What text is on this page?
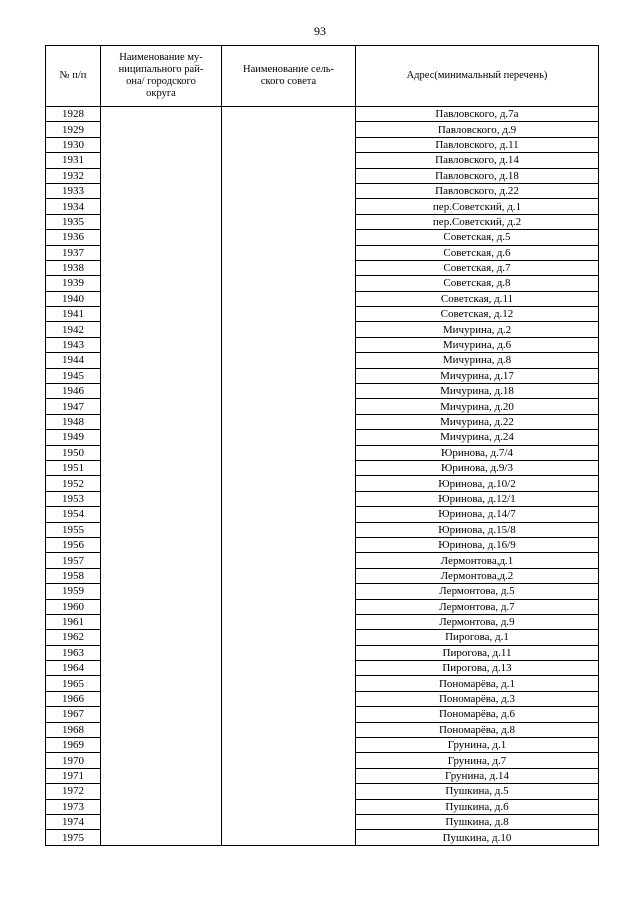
93
№ п/п	Наименование му-
ниципального рай-
она/ городского
округа	Наименование сель-
ского совета	Адрес(минимальный перечень)
1928			Павловского, д.7а
1929			Павловского, д.9
1930			Павловского, д.11
1931			Павловского, д.14
1932			Павловского, д.18
1933			Павловского, д.22
1934			пер.Советский, д.1
1935			пер.Советский, д.2
1936			Советская, д.5
1937			Советская, д.6
1938			Советская, д.7
1939			Советская, д.8
1940			Советская, д.11
1941			Советская, д.12
1942			Мичурина, д.2
1943			Мичурина, д.6
1944			Мичурина, д.8
1945			Мичурина, д.17
1946			Мичурина, д.18
1947			Мичурина, д.20
1948			Мичурина, д.22
1949			Мичурина, д.24
1950			Юринова, д.7/4
1951			Юринова, д.9/3
1952			Юринова, д.10/2
1953			Юринова, д.12/1
1954			Юринова, д.14/7
1955			Юринова, д.15/8
1956			Юринова, д.16/9
1957			Лермонтова,д.1
1958			Лермонтова,д.2
1959			Лермонтова, д.5
1960			Лермонтова, д.7
1961			Лермонтова, д.9
1962			Пирогова, д.1
1963			Пирогова, д.11
1964			Пирогова, д.13
1965			Пономарёва, д.1
1966			Пономарёва, д.3
1967			Пономарёва, д.6
1968			Пономарёва, д.8
1969			Грунина, д.1
1970			Грунина, д.7
1971			Грунина, д.14
1972			Пушкина, д.5
1973			Пушкина, д.6
1974			Пушкина, д.8
1975			Пушкина, д.10
